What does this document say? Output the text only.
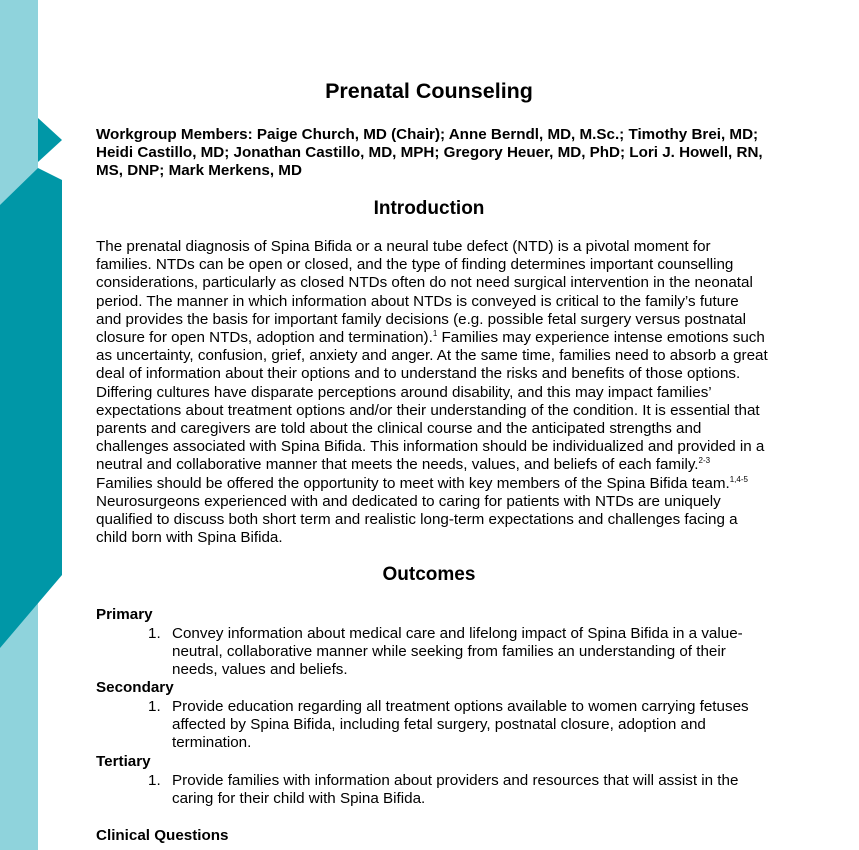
Prenatal Counseling
Workgroup Members: Paige Church, MD (Chair); Anne Berndl, MD, M.Sc.; Timothy Brei, MD; Heidi Castillo, MD; Jonathan Castillo, MD, MPH; Gregory Heuer, MD, PhD; Lori J. Howell, RN, MS, DNP; Mark Merkens, MD
Introduction
The prenatal diagnosis of Spina Bifida or a neural tube defect (NTD) is a pivotal moment for families. NTDs can be open or closed, and the type of finding determines important counselling considerations, particularly as closed NTDs often do not need surgical intervention in the neonatal period. The manner in which information about NTDs is conveyed is critical to the family’s future and provides the basis for important family decisions (e.g. possible fetal surgery versus postnatal closure for open NTDs, adoption and termination).$^1$ Families may experience intense emotions such as uncertainty, confusion, grief, anxiety and anger. At the same time, families need to absorb a great deal of information about their options and to understand the risks and benefits of those options. Differing cultures have disparate perceptions around disability, and this may impact families’ expectations about treatment options and/or their understanding of the condition. It is essential that parents and caregivers are told about the clinical course and the anticipated strengths and challenges associated with Spina Bifida. This information should be individualized and provided in a neutral and collaborative manner that meets the needs, values, and beliefs of each family.$^{2-3}$ Families should be offered the opportunity to meet with key members of the Spina Bifida team.$^{1,4-5}$ Neurosurgeons experienced with and dedicated to caring for patients with NTDs are uniquely qualified to discuss both short term and realistic long-term expectations and challenges facing a child born with Spina Bifida.
Outcomes
Primary
1. Convey information about medical care and lifelong impact of Spina Bifida in a value-neutral, collaborative manner while seeking from families an understanding of their needs, values and beliefs.
Secondary
1. Provide education regarding all treatment options available to women carrying fetuses affected by Spina Bifida, including fetal surgery, postnatal closure, adoption and termination.
Tertiary
1. Provide families with information about providers and resources that will assist in the caring for their child with Spina Bifida.
Clinical Questions
